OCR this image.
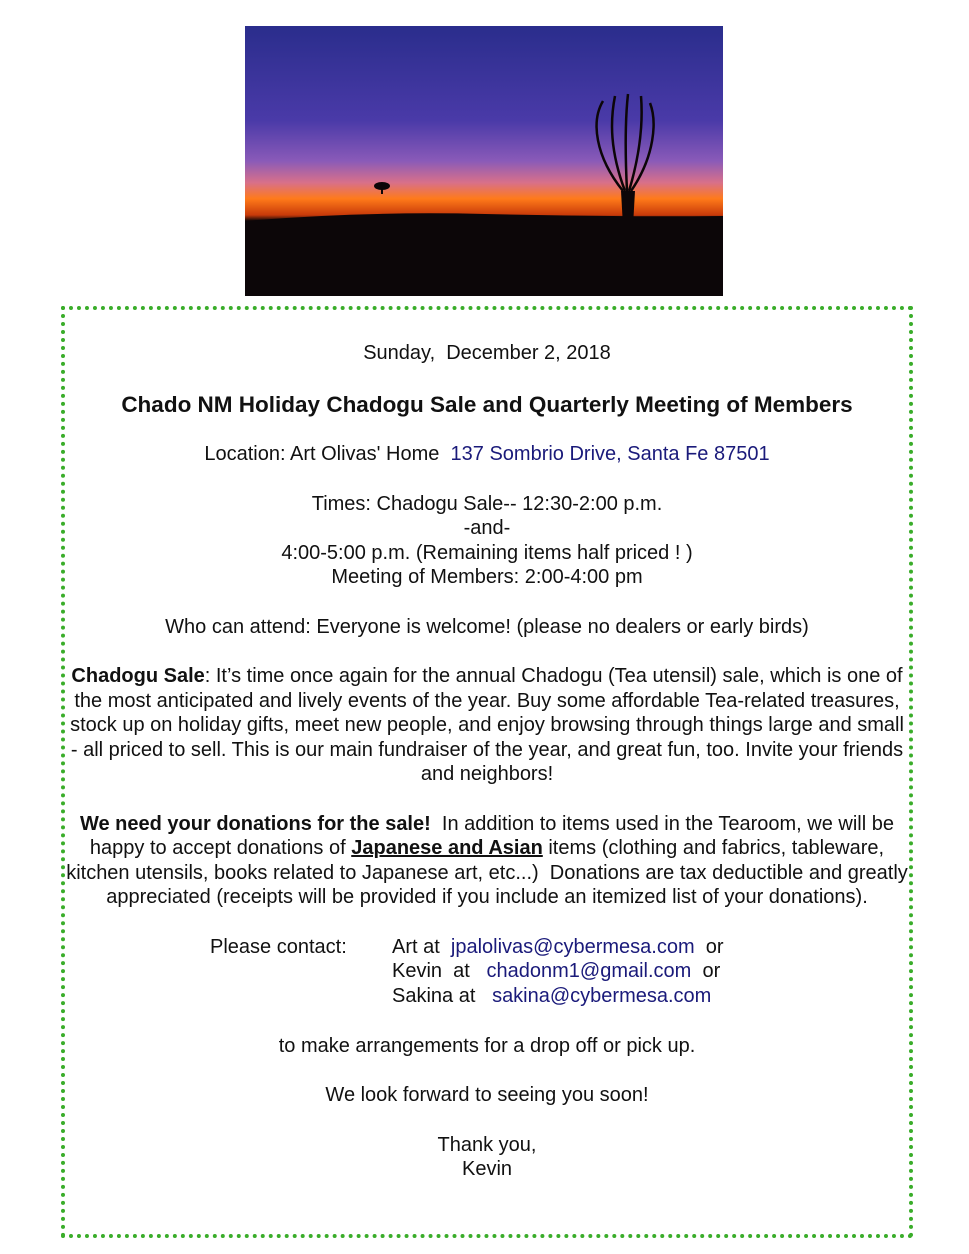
Sunday,  December 2, 2018

Chado NM Holiday Chadogu Sale and Quarterly Meeting of Members

Location: Art Olivas' Home  137 Sombrio Drive, Santa Fe 87501

Times: Chadogu Sale-- 12:30-2:00 p.m.

-and-

4:00-5:00 p.m. (Remaining items half priced ! )

Meeting of Members: 2:00-4:00 pm

Who can attend: Everyone is welcome! (please no dealers or early birds)

Chadogu Sale: It’s time once again for the annual Chadogu (Tea utensil) sale, which is one of the most anticipated and lively events of the year. Buy some affordable Tea-related treasures, stock up on holiday gifts, meet new people, and enjoy browsing through things large and small - all priced to sell. This is our main fundraiser of the year, and great fun, too. Invite your friends and neighbors!

We need your donations for the sale!  In addition to items used in the Tearoom, we will be happy to accept donations of Japanese and Asian items (clothing and fabrics, tableware, kitchen utensils, books related to Japanese art, etc...)  Donations are tax deductible and greatly appreciated (receipts will be provided if you include an itemized list of your donations).

Please contact: Art at  jpalolivas@cybermesa.com  or
Kevin  at   chadonm1@gmail.com  or
Sakina at   sakina@cybermesa.com

to make arrangements for a drop off or pick up.

We look forward to seeing you soon!

Thank you,

Kevin
